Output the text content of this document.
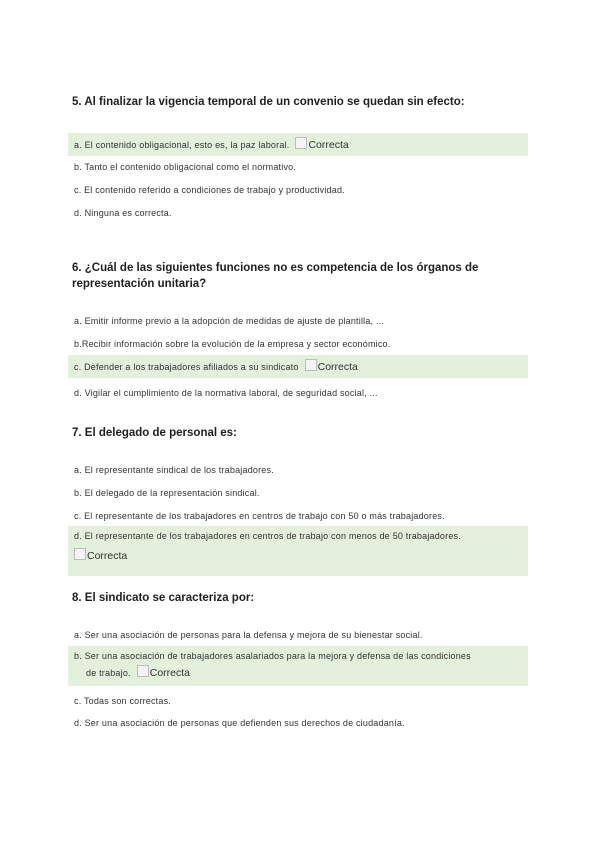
5. Al finalizar la vigencia temporal de un convenio se quedan sin efecto:
a. El contenido obligacional, esto es, la paz laboral. Correcta
b. Tanto el contenido obligacional como el normativo.
c. El contenido referido a condiciones de trabajo y productividad.
d. Ninguna es correcta.
6. ¿Cuál de las siguientes funciones no es competencia de los órganos de
representación unitaria?
a. Emitir informe previo a la adopción de medidas de ajuste de plantilla, ...
b.Recibir información sobre la evolución de la empresa y sector económico.
c. Defender a los trabajadores afiliados a su sindicato Correcta
d. Vigilar el cumplimiento de la normativa laboral, de seguridad social, ...
7. El delegado de personal es:
a. El representante sindical de los trabajadores.
b. El delegado de la representación sindical.
c. El representante de los trabajadores en centros de trabajo con 50 o más trabajadores.
d. El representante de los trabajadores en centros de trabajo con menos de 50 trabajadores.
Correcta
8. El sindicato se caracteriza por:
a. Ser una asociación de personas para la defensa y mejora de su bienestar social.
b. Ser una asociación de trabajadores asalariados para la mejora y defensa de las condiciones
de trabajo. Correcta
c. Todas son correctas.
d. Ser una asociación de personas que defienden sus derechos de ciudadanía.
